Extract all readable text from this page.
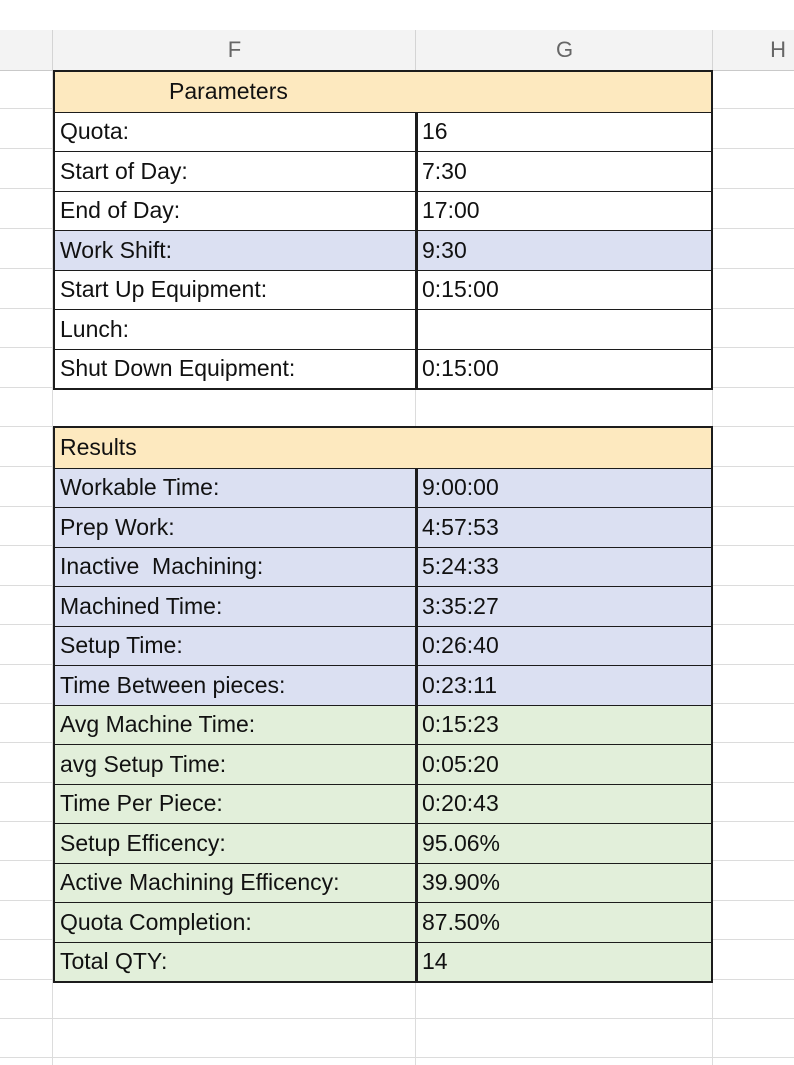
F	G	H
Parameters
Quota:	16
Start of Day:	7:30
End of Day:	17:00
Work Shift:	9:30
Start Up Equipment:	0:15:00
Lunch:
Shut Down Equipment:	0:15:00
Results
Workable Time:	9:00:00
Prep Work:	4:57:53
Inactive  Machining:	5:24:33
Machined Time:	3:35:27
Setup Time:	0:26:40
Time Between pieces:	0:23:11
Avg Machine Time:	0:15:23
avg Setup Time:	0:05:20
Time Per Piece:	0:20:43
Setup Efficency:	95.06%
Active Machining Efficency:	39.90%
Quota Completion:	87.50%
Total QTY:	14
